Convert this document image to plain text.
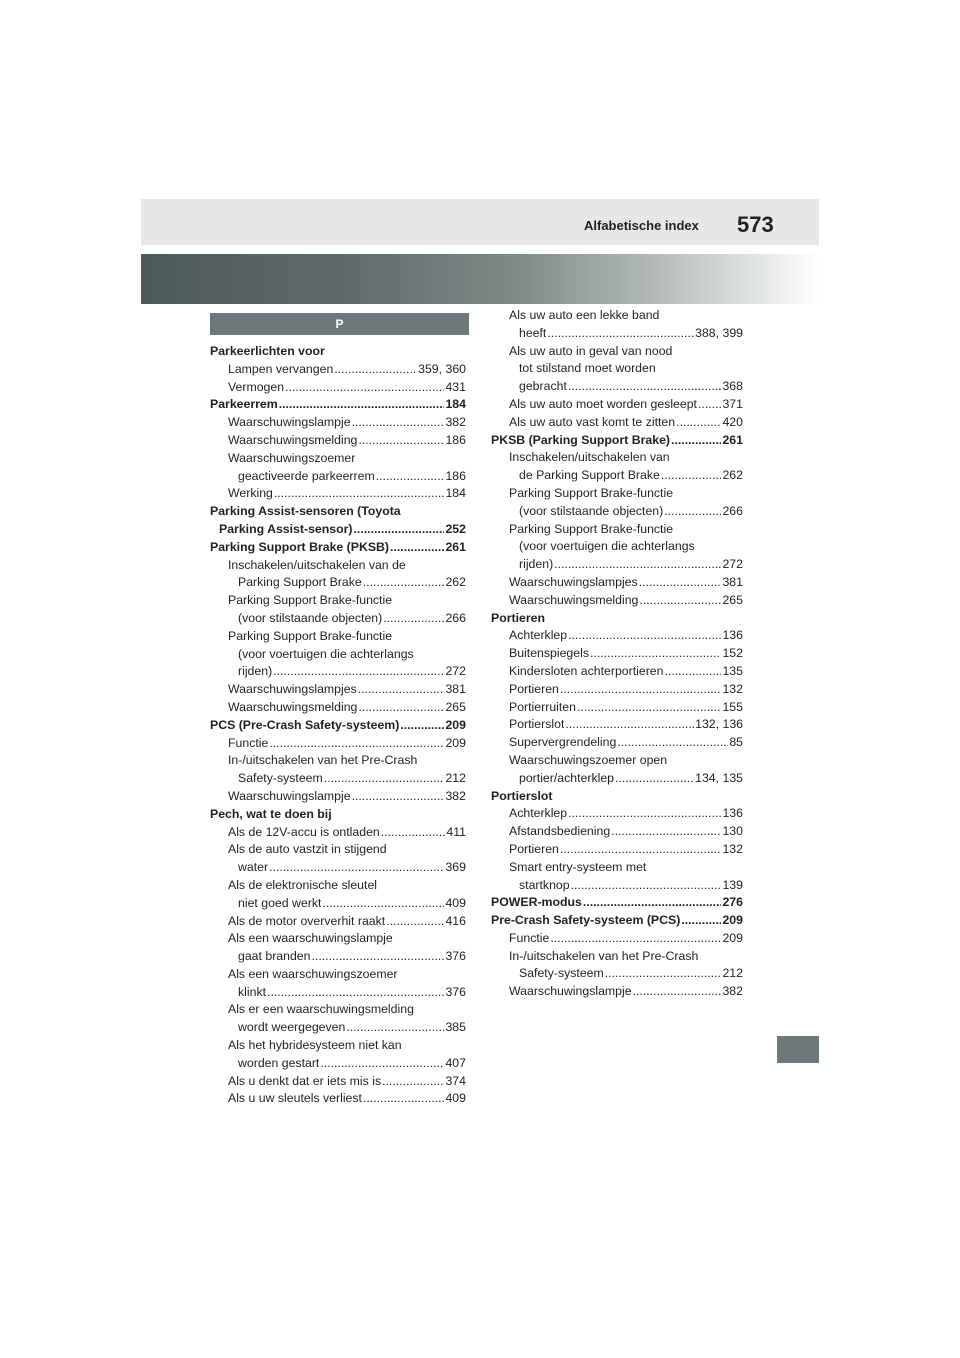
Alfabetische index 573
P
Parkeerlichten voor
Lampen vervangen .....	359, 360
Vermogen .....	431
Parkeerrem .....	184
Waarschuwingslampje .....	382
Waarschuwingsmelding .....	186
Waarschuwingszoemer
geactiveerde parkeerrem .....	186
Werking .....	184
Parking Assist-sensoren (Toyota
Parking Assist-sensor) .....	252
Parking Support Brake (PKSB) .....	261
Inschakelen/uitschakelen van de
Parking Support Brake .....	262
Parking Support Brake-functie
(voor stilstaande objecten) .....	266
Parking Support Brake-functie
(voor voertuigen die achterlangs
rijden) .....	272
Waarschuwingslampjes .....	381
Waarschuwingsmelding .....	265
PCS (Pre-Crash Safety-systeem) .....	209
Functie .....	209
In-/uitschakelen van het Pre-Crash
Safety-systeem .....	212
Waarschuwingslampje .....	382
Pech, wat te doen bij
Als de 12V-accu is ontladen .....	411
Als de auto vastzit in stijgend
water .....	369
Als de elektronische sleutel
niet goed werkt .....	409
Als de motor oververhit raakt .....	416
Als een waarschuwingslampje
gaat branden .....	376
Als een waarschuwingszoemer
klinkt .....	376
Als er een waarschuwingsmelding
wordt weergegeven .....	385
Als het hybridesysteem niet kan
worden gestart .....	407
Als u denkt dat er iets mis is .....	374
Als u uw sleutels verliest .....	409
Als uw auto een lekke band
heeft .....	388, 399
Als uw auto in geval van nood
tot stilstand moet worden
gebracht .....	368
Als uw auto moet worden gesleept ..... 371
Als uw auto vast komt te zitten .....	420
PKSB (Parking Support Brake) .....	261
Inschakelen/uitschakelen van
de Parking Support Brake .....	262
Parking Support Brake-functie
(voor stilstaande objecten) .....	266
Parking Support Brake-functie
(voor voertuigen die achterlangs
rijden) .....	272
Waarschuwingslampjes .....	381
Waarschuwingsmelding .....	265
Portieren
Achterklep .....	136
Buitenspiegels .....	152
Kindersloten achterportieren .....	135
Portieren .....	132
Portierruiten .....	155
Portierslot .....	132, 136
Supervergrendeling .....	85
Waarschuwingszoemer open
portier/achterklep .....	134, 135
Portierslot
Achterklep .....	136
Afstandsbediening .....	130
Portieren .....	132
Smart entry-systeem met
startknop .....	139
POWER-modus .....	276
Pre-Crash Safety-systeem (PCS) .....	209
Functie .....	209
In-/uitschakelen van het Pre-Crash
Safety-systeem .....	212
Waarschuwingslampje .....	382
